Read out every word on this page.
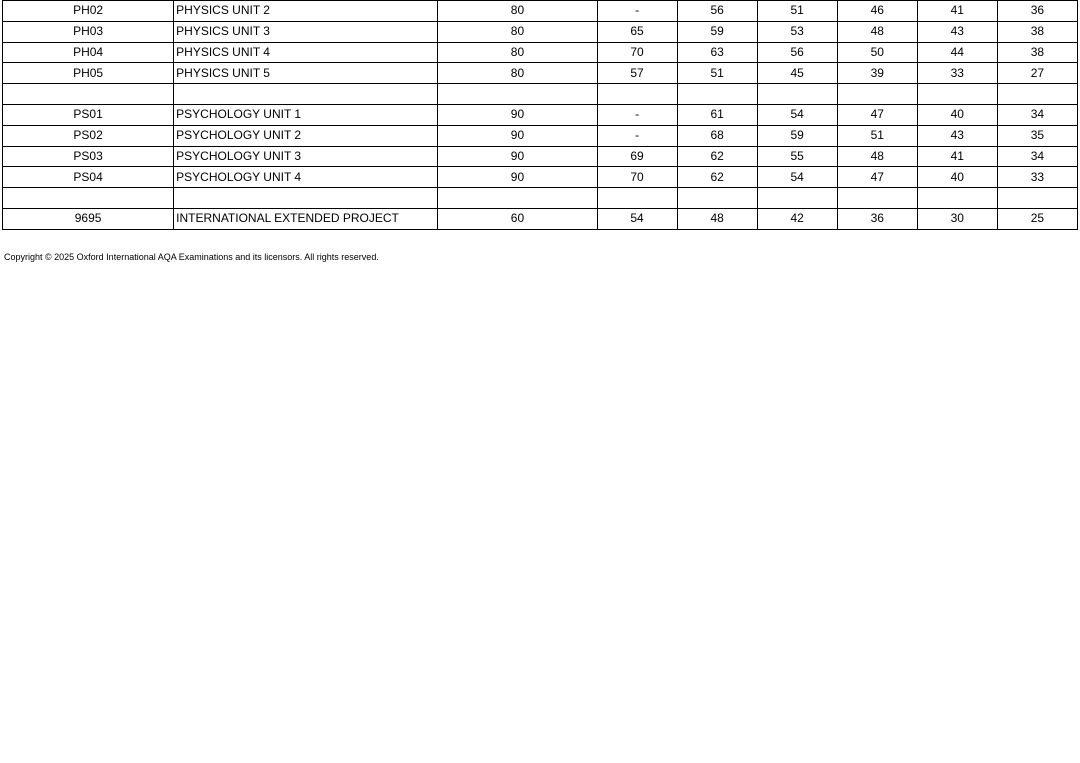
PH02	PHYSICS UNIT 2	80	-	56	51	46	41	36
PH03	PHYSICS UNIT 3	80	65	59	53	48	43	38
PH04	PHYSICS UNIT 4	80	70	63	56	50	44	38
PH05	PHYSICS UNIT 5	80	57	51	45	39	33	27

PS01	PSYCHOLOGY UNIT 1	90	-	61	54	47	40	34
PS02	PSYCHOLOGY UNIT 2	90	-	68	59	51	43	35
PS03	PSYCHOLOGY UNIT 3	90	69	62	55	48	41	34
PS04	PSYCHOLOGY UNIT 4	90	70	62	54	47	40	33

9695	INTERNATIONAL EXTENDED PROJECT	60	54	48	42	36	30	25
Copyright © 2025 Oxford International AQA Examinations and its licensors. All rights reserved.
